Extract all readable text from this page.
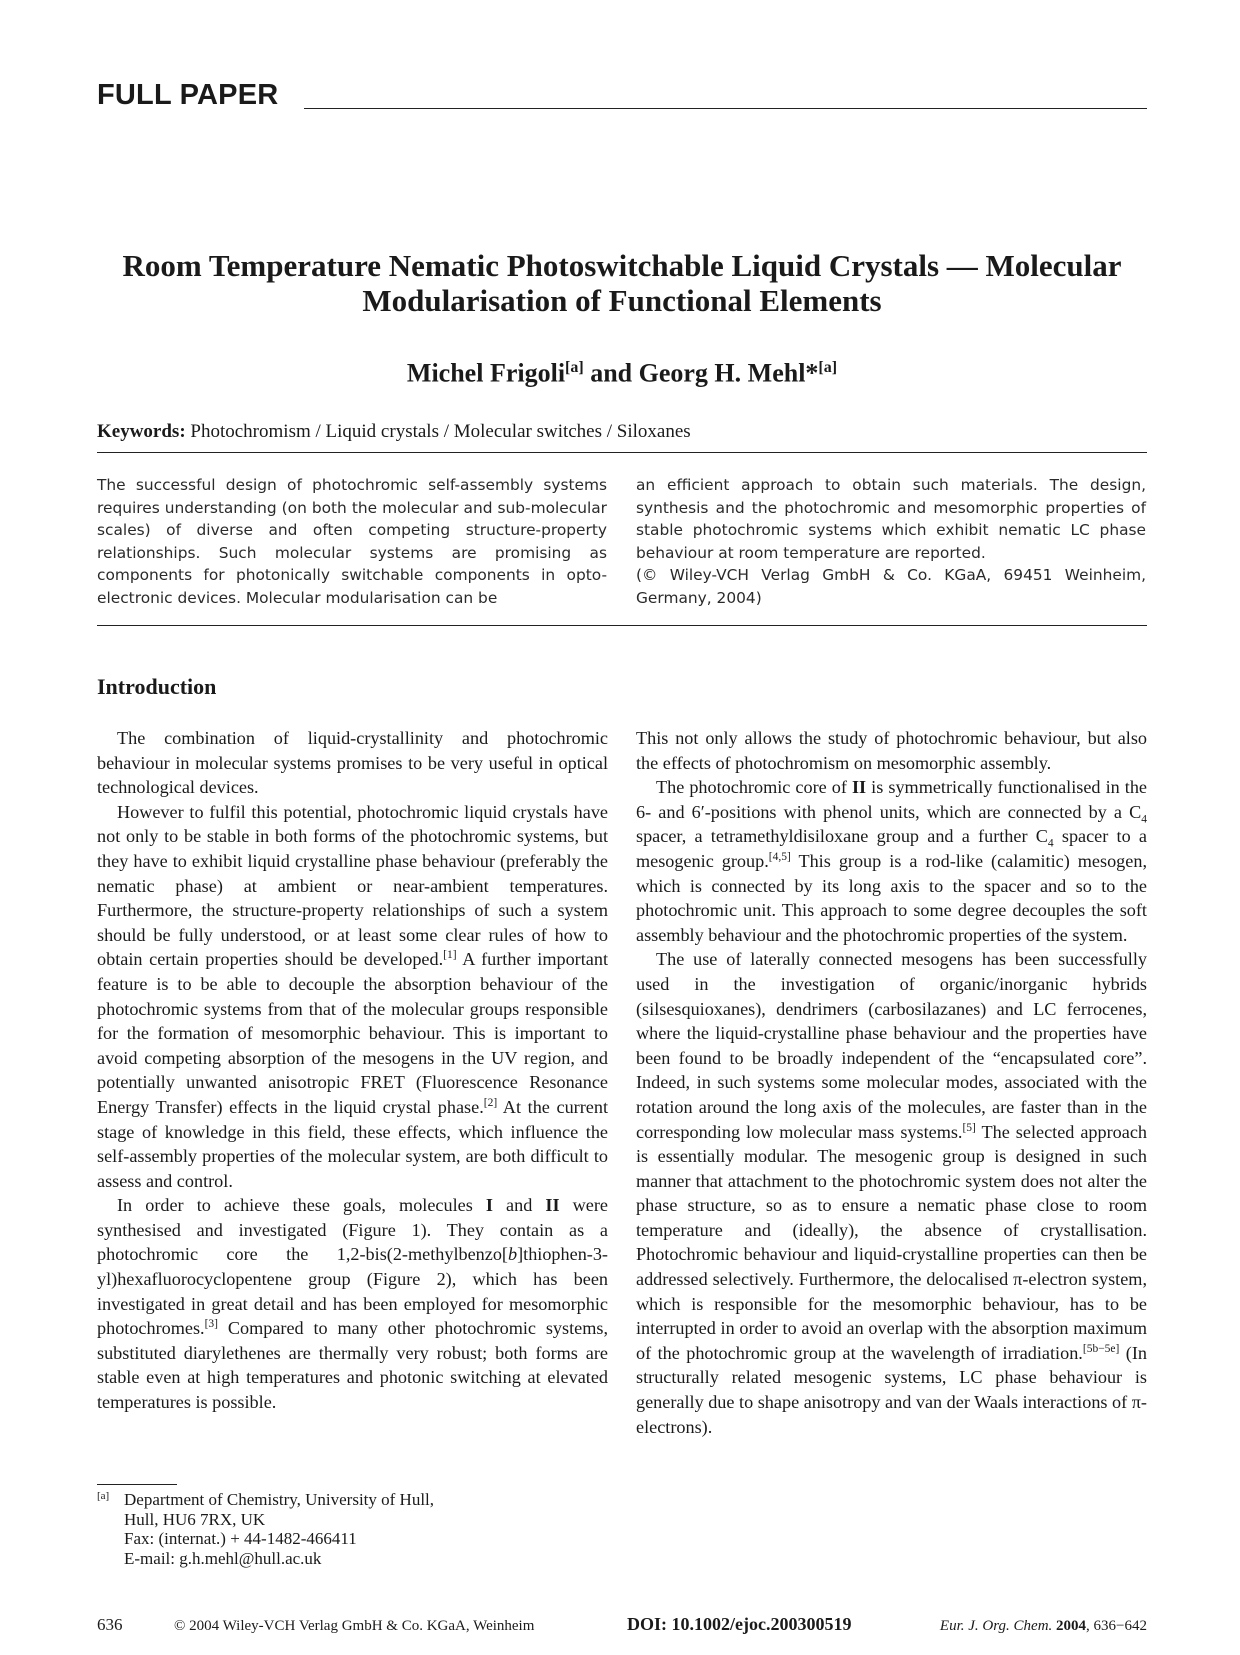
FULL PAPER
Room Temperature Nematic Photoswitchable Liquid Crystals — Molecular Modularisation of Functional Elements
Michel Frigoli[a] and Georg H. Mehl*[a]
Keywords: Photochromism / Liquid crystals / Molecular switches / Siloxanes

The successful design of photochromic self-assembly systems requires understanding (on both the molecular and sub-molecular scales) of diverse and often competing structure-property relationships. Such molecular systems are promising as components for photonically switchable components in opto-electronic devices. Molecular modularisation can be

an efficient approach to obtain such materials. The design, synthesis and the photochromic and mesomorphic properties of stable photochromic systems which exhibit nematic LC phase behaviour at room temperature are reported.

(© Wiley-VCH Verlag GmbH & Co. KGaA, 69451 Weinheim, Germany, 2004)

Introduction

The combination of liquid-crystallinity and photochromic behaviour in molecular systems promises to be very useful in optical technological devices.

However to fulfil this potential, photochromic liquid crystals have not only to be stable in both forms of the photochromic systems, but they have to exhibit liquid crystalline phase behaviour (preferably the nematic phase) at ambient or near-ambient temperatures. Furthermore, the structure-property relationships of such a system should be fully understood, or at least some clear rules of how to obtain certain properties should be developed.[1] A further important feature is to be able to decouple the absorption behaviour of the photochromic systems from that of the molecular groups responsible for the formation of mesomorphic behaviour. This is important to avoid competing absorption of the mesogens in the UV region, and potentially unwanted anisotropic FRET (Fluorescence Resonance Energy Transfer) effects in the liquid crystal phase.[2] At the current stage of knowledge in this field, these effects, which influence the self-assembly properties of the molecular system, are both difficult to assess and control.

In order to achieve these goals, molecules I and II were synthesised and investigated (Figure 1). They contain as a photochromic core the 1,2-bis(2-methylbenzo[b]thiophen-3-yl)hexafluorocyclopentene group (Figure 2), which has been investigated in great detail and has been employed for mesomorphic photochromes.[3] Compared to many other photochromic systems, substituted diarylethenes are thermally very robust; both forms are stable even at high temperatures and photonic switching at elevated temperatures is possible.

This not only allows the study of photochromic behaviour, but also the effects of photochromism on mesomorphic assembly.

The photochromic core of II is symmetrically functionalised in the 6- and 6′-positions with phenol units, which are connected by a $C_4$ spacer, a tetramethyldisiloxane group and a further $C_4$ spacer to a mesogenic group.[4,5] This group is a rod-like (calamitic) mesogen, which is connected by its long axis to the spacer and so to the photochromic unit. This approach to some degree decouples the soft assembly behaviour and the photochromic properties of the system.

The use of laterally connected mesogens has been successfully used in the investigation of organic/inorganic hybrids (silsesquioxanes), dendrimers (carbosilazanes) and LC ferrocenes, where the liquid-crystalline phase behaviour and the properties have been found to be broadly independent of the “encapsulated core”. Indeed, in such systems some molecular modes, associated with the rotation around the long axis of the molecules, are faster than in the corresponding low molecular mass systems.[5] The selected approach is essentially modular. The mesogenic group is designed in such manner that attachment to the photochromic system does not alter the phase structure, so as to ensure a nematic phase close to room temperature and (ideally), the absence of crystallisation. Photochromic behaviour and liquid-crystalline properties can then be addressed selectively. Furthermore, the delocalised π-electron system, which is responsible for the mesomorphic behaviour, has to be interrupted in order to avoid an overlap with the absorption maximum of the photochromic group at the wavelength of irradiation.[5b−5e] (In structurally related mesogenic systems, LC phase behaviour is generally due to shape anisotropy and van der Waals interactions of π-electrons).

[a] Department of Chemistry, University of Hull,
Hull, HU6 7RX, UK
Fax: (internat.) + 44-1482-466411
E-mail: g.h.mehl@hull.ac.uk
636	© 2004 Wiley-VCH Verlag GmbH & Co. KGaA, Weinheim	DOI: 10.1002/ejoc.200300519	Eur. J. Org. Chem. 2004, 636−642
